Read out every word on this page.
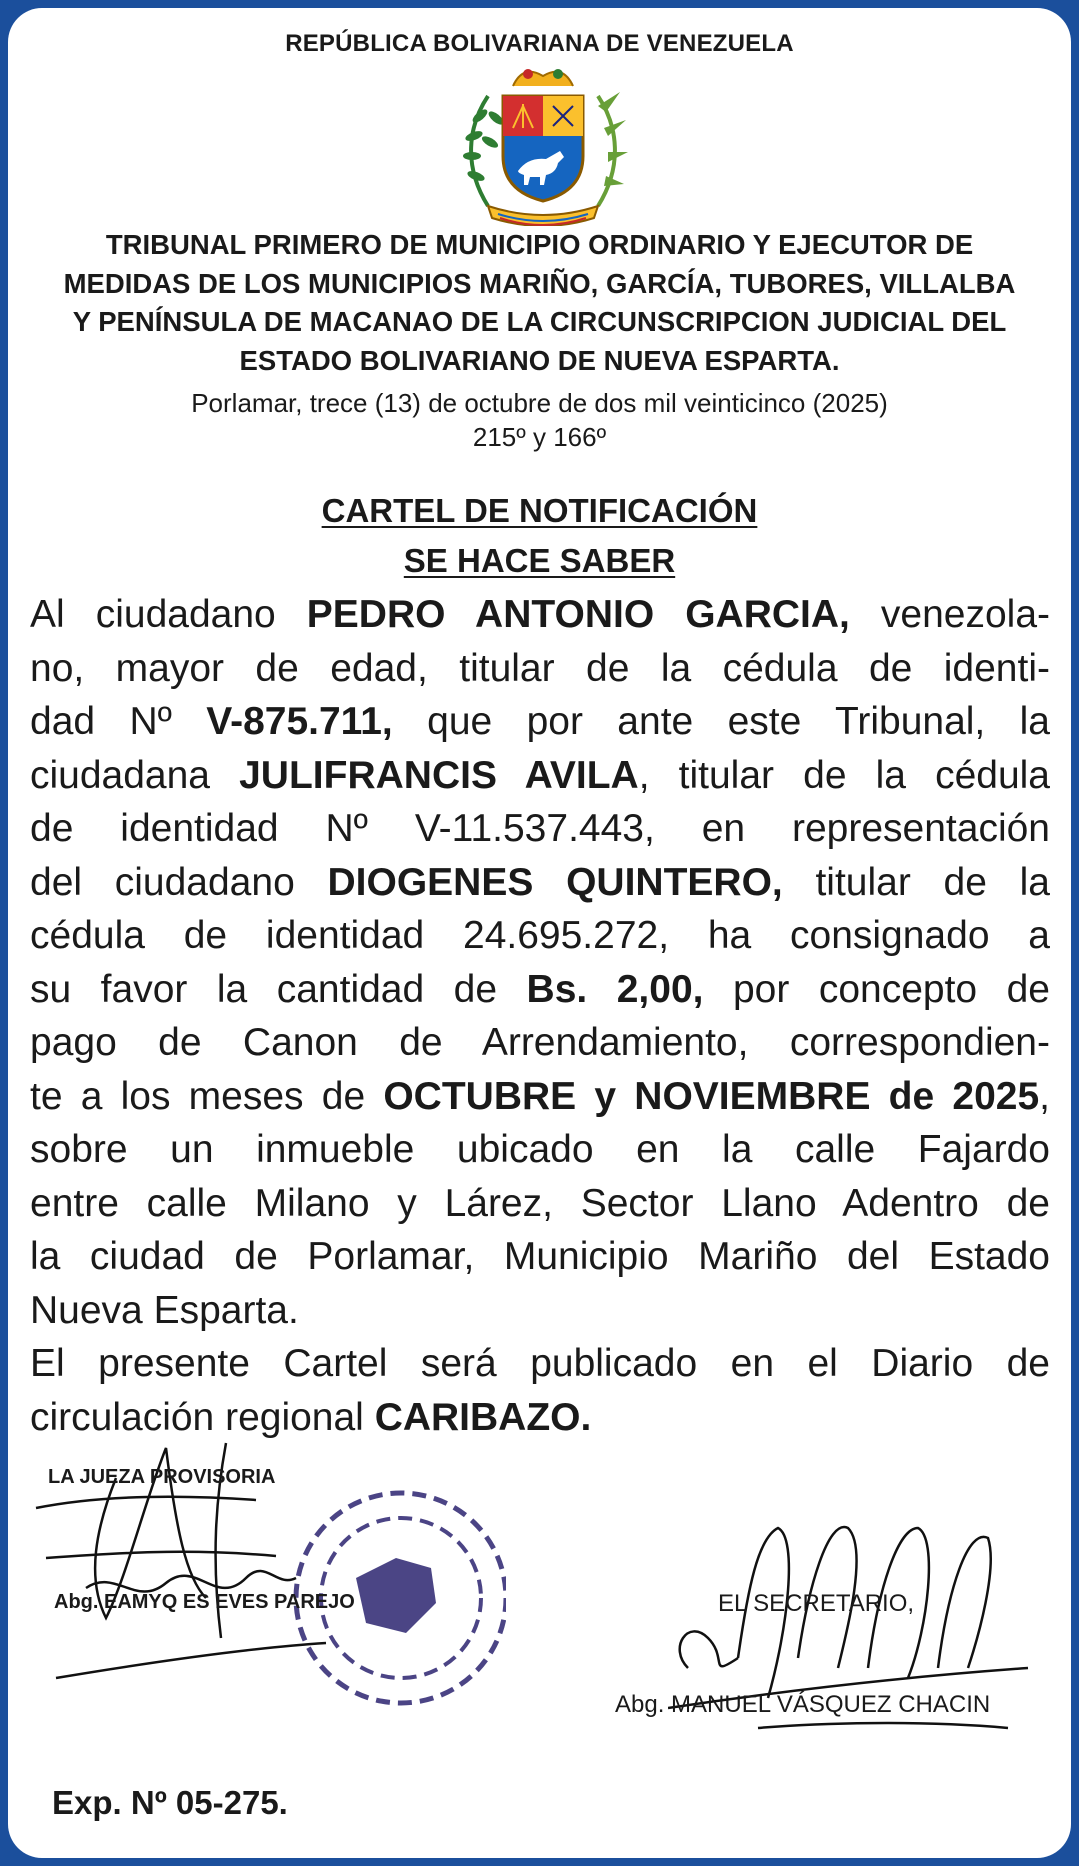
REPÚBLICA BOLIVARIANA DE VENEZUELA
TRIBUNAL PRIMERO DE MUNICIPIO ORDINARIO Y EJECUTOR DE
MEDIDAS DE LOS MUNICIPIOS MARIÑO, GARCÍA, TUBORES, VILLALBA
Y PENÍNSULA DE MACANAO DE LA CIRCUNSCRIPCION JUDICIAL DEL
ESTADO BOLIVARIANO DE NUEVA ESPARTA.
Porlamar, trece (13) de octubre de dos mil veinticinco (2025)
215º y 166º
CARTEL DE NOTIFICACIÓN
SE HACE SABER
Al ciudadano PEDRO ANTONIO GARCIA, venezola-
no, mayor de edad, titular de la cédula de identi-
dad Nº V-875.711, que por ante este Tribunal, la
ciudadana JULIFRANCIS AVILA, titular de la cédula
de identidad Nº V-11.537.443, en representación
del ciudadano DIOGENES QUINTERO, titular de la
cédula de identidad 24.695.272, ha consignado a
su favor la cantidad de Bs. 2,00, por concepto de
pago de Canon de Arrendamiento, correspondien-
te a los meses de OCTUBRE y NOVIEMBRE de 2025,
sobre un inmueble ubicado en la calle Fajardo
entre calle Milano y Lárez, Sector Llano Adentro de
la ciudad de Porlamar, Municipio Mariño del Estado
Nueva Esparta.
El presente Cartel será publicado en el Diario de
circulación regional CARIBAZO.
LA JUEZA PROVISORIA
Abg. EAMYQ ES EVES PAREJO	EL SECRETARIO,
Abg. MANUEL VÁSQUEZ CHACIN
Exp. Nº 05-275.
